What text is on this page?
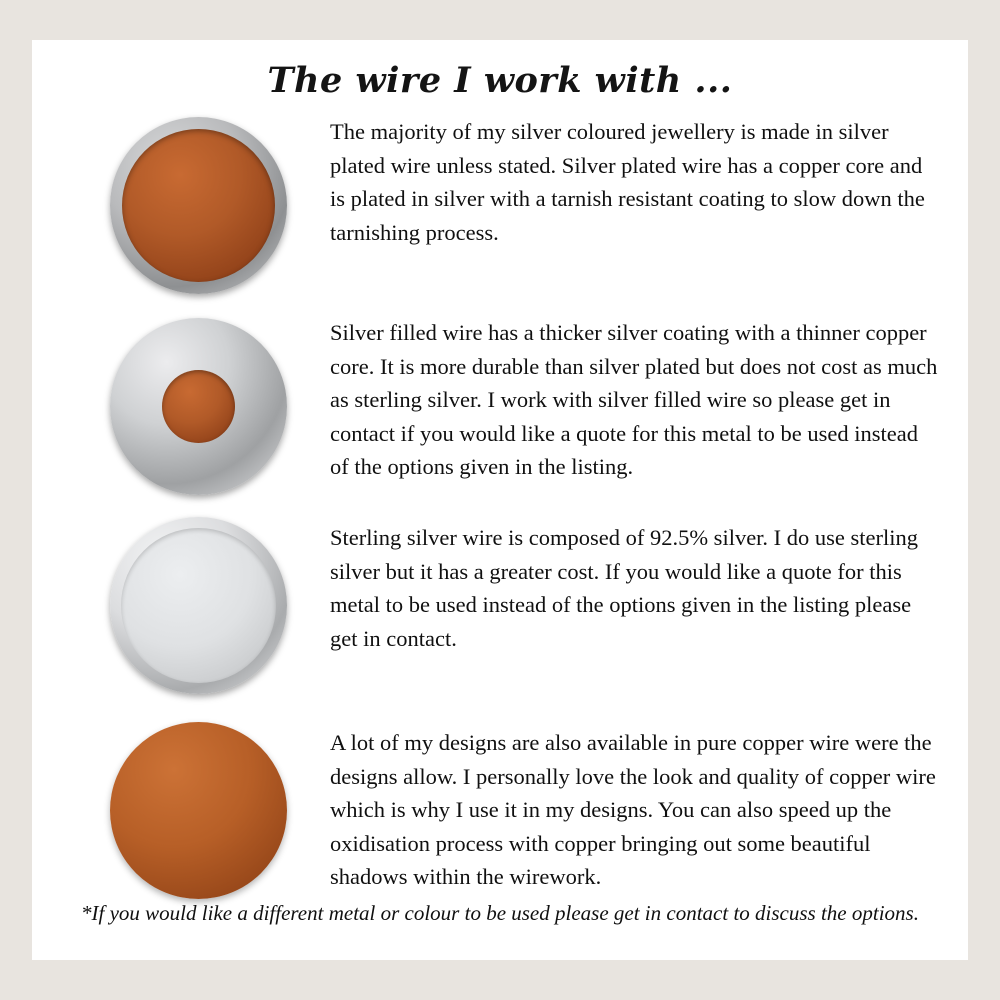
The wire I work with ...
The majority of my silver coloured jewellery is made in silver plated wire unless stated. Silver plated wire has a copper core and is plated in silver with a tarnish resistant coating to slow down the tarnishing process.
Silver filled wire has a thicker silver coating with a thinner copper core. It is more durable than silver plated but does not cost as much as sterling silver. I work with silver filled wire so please get in contact if you would like a quote for this metal to be used instead of the options given in the listing.
Sterling silver wire is composed of 92.5% silver. I do use sterling silver but it has a greater cost. If you would like a quote for this metal to be used instead of the options given in the listing please get in contact.
A lot of my designs are also available in pure copper wire were the designs allow. I personally love the look and quality of copper wire which is why I use it in my designs. You can also speed up the oxidisation process with copper bringing out some beautiful shadows within the wirework.
*If you would like a different metal or colour to be used please get in contact to discuss the options.
